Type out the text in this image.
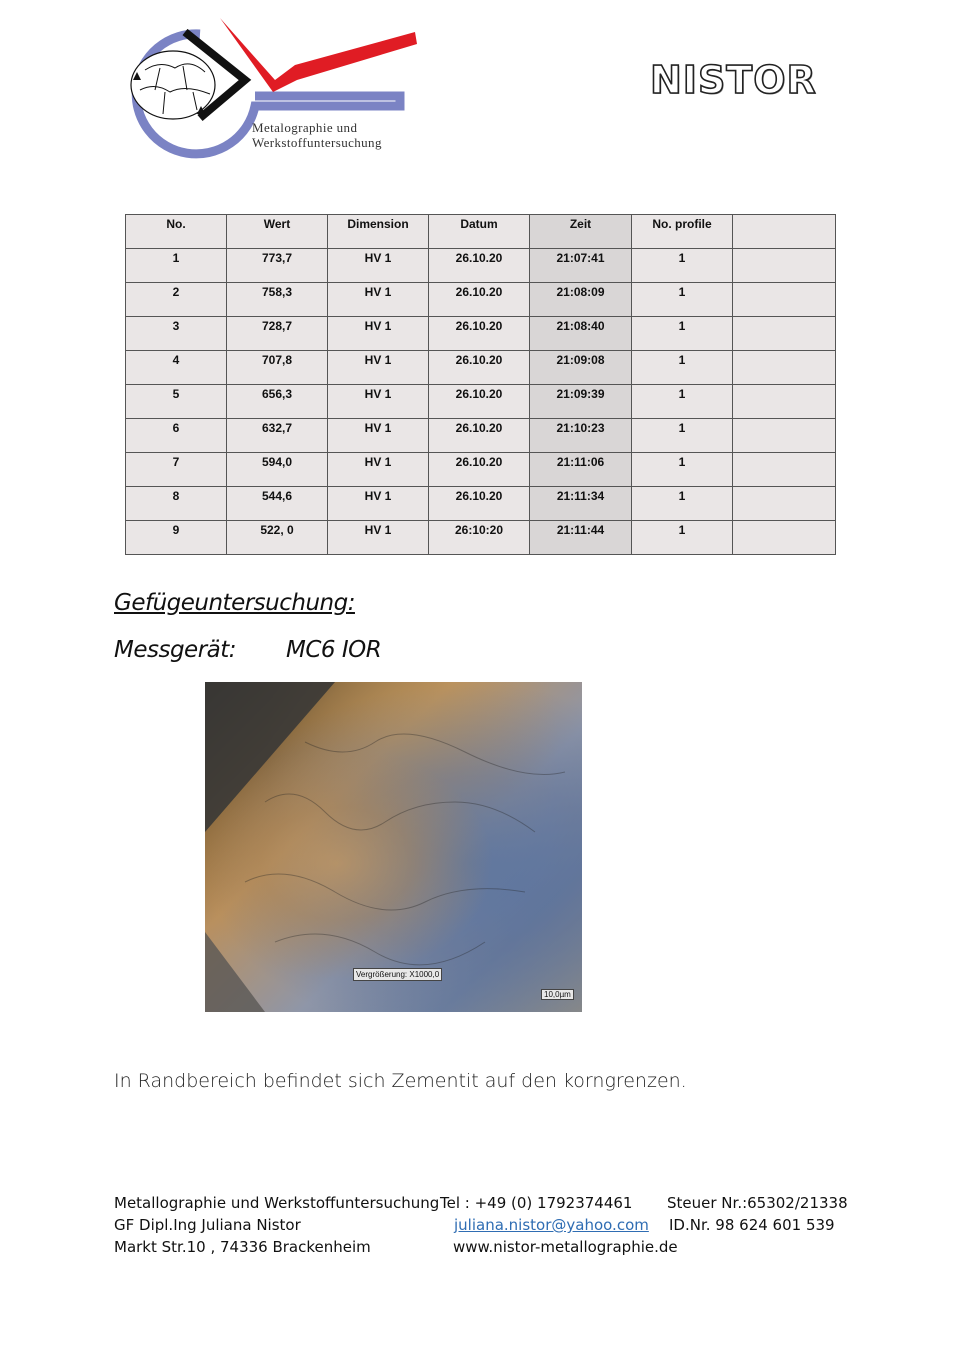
Metalographie und
Werkstoffuntersuchung
NISTOR
No.	Wert	Dimension	Datum	Zeit	No. profile	
1	773,7	HV 1	26.10.20	21:07:41	1	
2	758,3	HV 1	26.10.20	21:08:09	1	
3	728,7	HV 1	26.10.20	21:08:40	1	
4	707,8	HV 1	26.10.20	21:09:08	1	
5	656,3	HV 1	26.10.20	21:09:39	1	
6	632,7	HV 1	26.10.20	21:10:23	1	
7	594,0	HV 1	26.10.20	21:11:06	1	
8	544,6	HV 1	26.10.20	21:11:34	1	
9	522, 0	HV 1	26:10:20	21:11:44	1	
Gefügeuntersuchung:
Messgerät: MC6 IOR
Vergrößerung: X1000,0
10,0µm
In Randbereich befindet sich Zementit auf den korngrenzen.
Metallographie und Werkstoffuntersuchung Tel : +49 (0) 1792374461 Steuer Nr.:65302/21338
GF Dipl.Ing Juliana Nistor	juliana.nistor@yahoo.com ID.Nr. 98 624 601 539
Markt Str.10 , 74336 Brackenheim	www.nistor-metallographie.de
